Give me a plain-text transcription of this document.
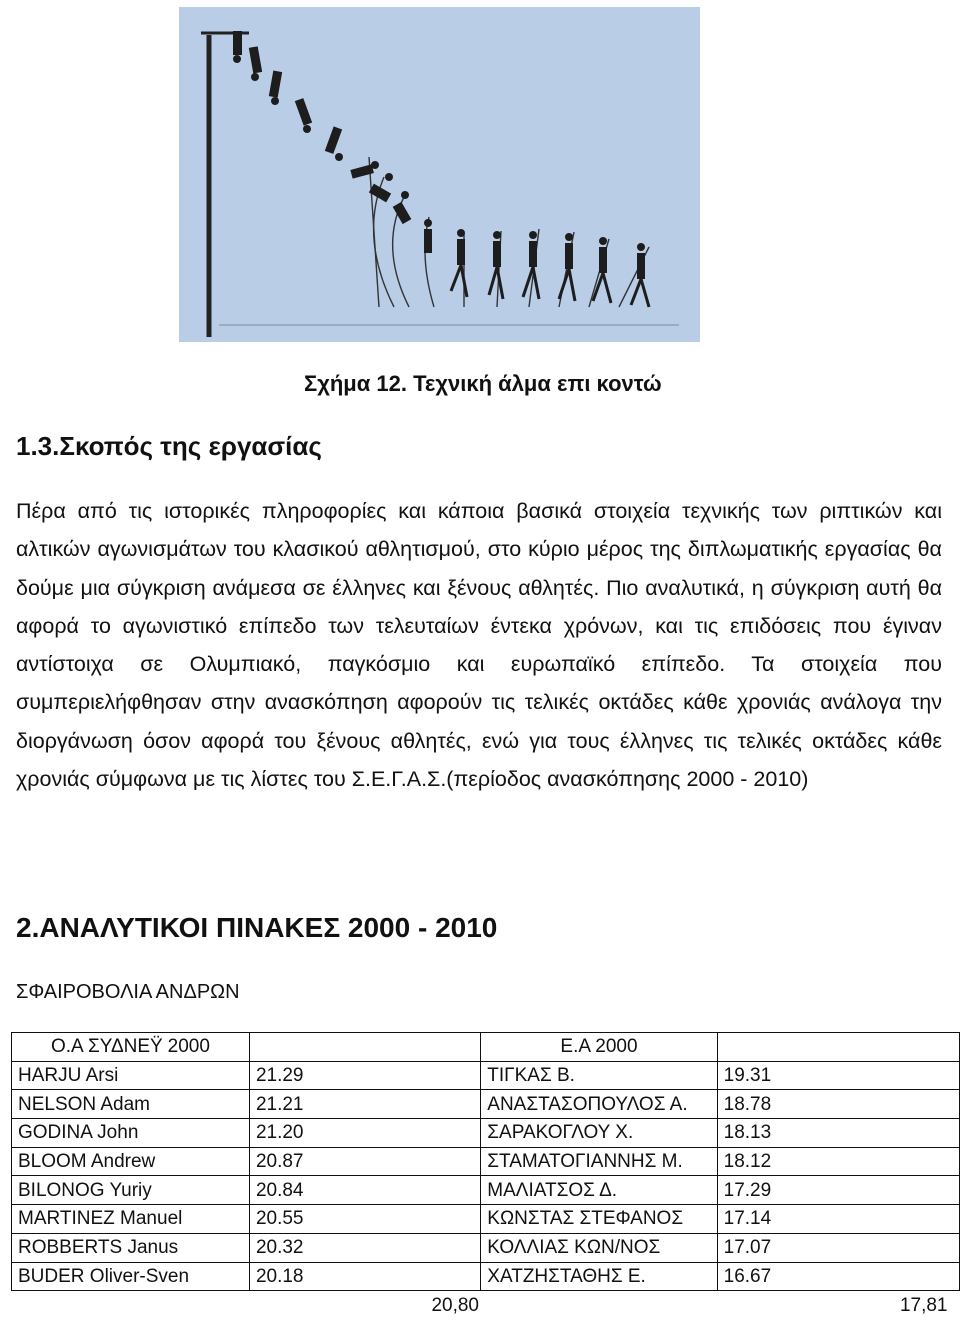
Σχήμα 12. Τεχνική άλμα επι κοντώ
1.3.Σκοπός της εργασίας

Πέρα από τις ιστορικές πληροφορίες και κάποια βασικά στοιχεία τεχνικής των ριπτικών και αλτικών αγωνισμάτων του κλασικού αθλητισμού, στο κύριο μέρος της διπλωματικής εργασίας θα δούμε μια σύγκριση ανάμεσα σε έλληνες και ξένους αθλητές. Πιο αναλυτικά, η σύγκριση αυτή θα αφορά το αγωνιστικό επίπεδο των τελευταίων έντεκα χρόνων, και τις επιδόσεις που έγιναν αντίστοιχα σε Ολυμπιακό, παγκόσμιο και ευρωπαϊκό επίπεδο. Τα στοιχεία που συμπεριελήφθησαν στην ανασκόπηση αφορούν τις τελικές οκτάδες κάθε χρονιάς ανάλογα την διοργάνωση όσον αφορά του ξένους αθλητές, ενώ για τους έλληνες τις τελικές οκτάδες κάθε χρονιάς σύμφωνα με τις λίστες του Σ.Ε.Γ.Α.Σ.(περίοδος ανασκόπησης 2000 - 2010)

2.ΑΝΑΛΥΤΙΚΟΙ ΠΙΝΑΚΕΣ 2000 - 2010
ΣΦΑΙΡΟΒΟΛΙΑ ΑΝΔΡΩΝ
Ο.Α ΣΥΔΝΕΫ 2000		Ε.Α 2000	
HARJU Arsi	21.29	ΤΙΓΚΑΣ Β.	19.31
NELSON Adam	21.21	ΑΝΑΣΤΑΣΟΠΟΥΛΟΣ Α.	18.78
GODINA John	21.20	ΣΑΡΑΚΟΓΛΟΥ Χ.	18.13
BLOOM Andrew	20.87	ΣΤΑΜΑΤΟΓΙΑΝΝΗΣ Μ.	18.12
BILONOG Yuriy	20.84	ΜΑΛΙΑΤΣΟΣ Δ.	17.29
MARTINEZ Manuel	20.55	ΚΩΝΣΤΑΣ ΣΤΕΦΑΝΟΣ	17.14
ROBBERTS Janus	20.32	ΚΟΛΛΙΑΣ ΚΩΝ/ΝΟΣ	17.07
BUDER Oliver-Sven	20.18	ΧΑΤΖΗΣΤΑΘΗΣ Ε.	16.67
	20,80		17,81
